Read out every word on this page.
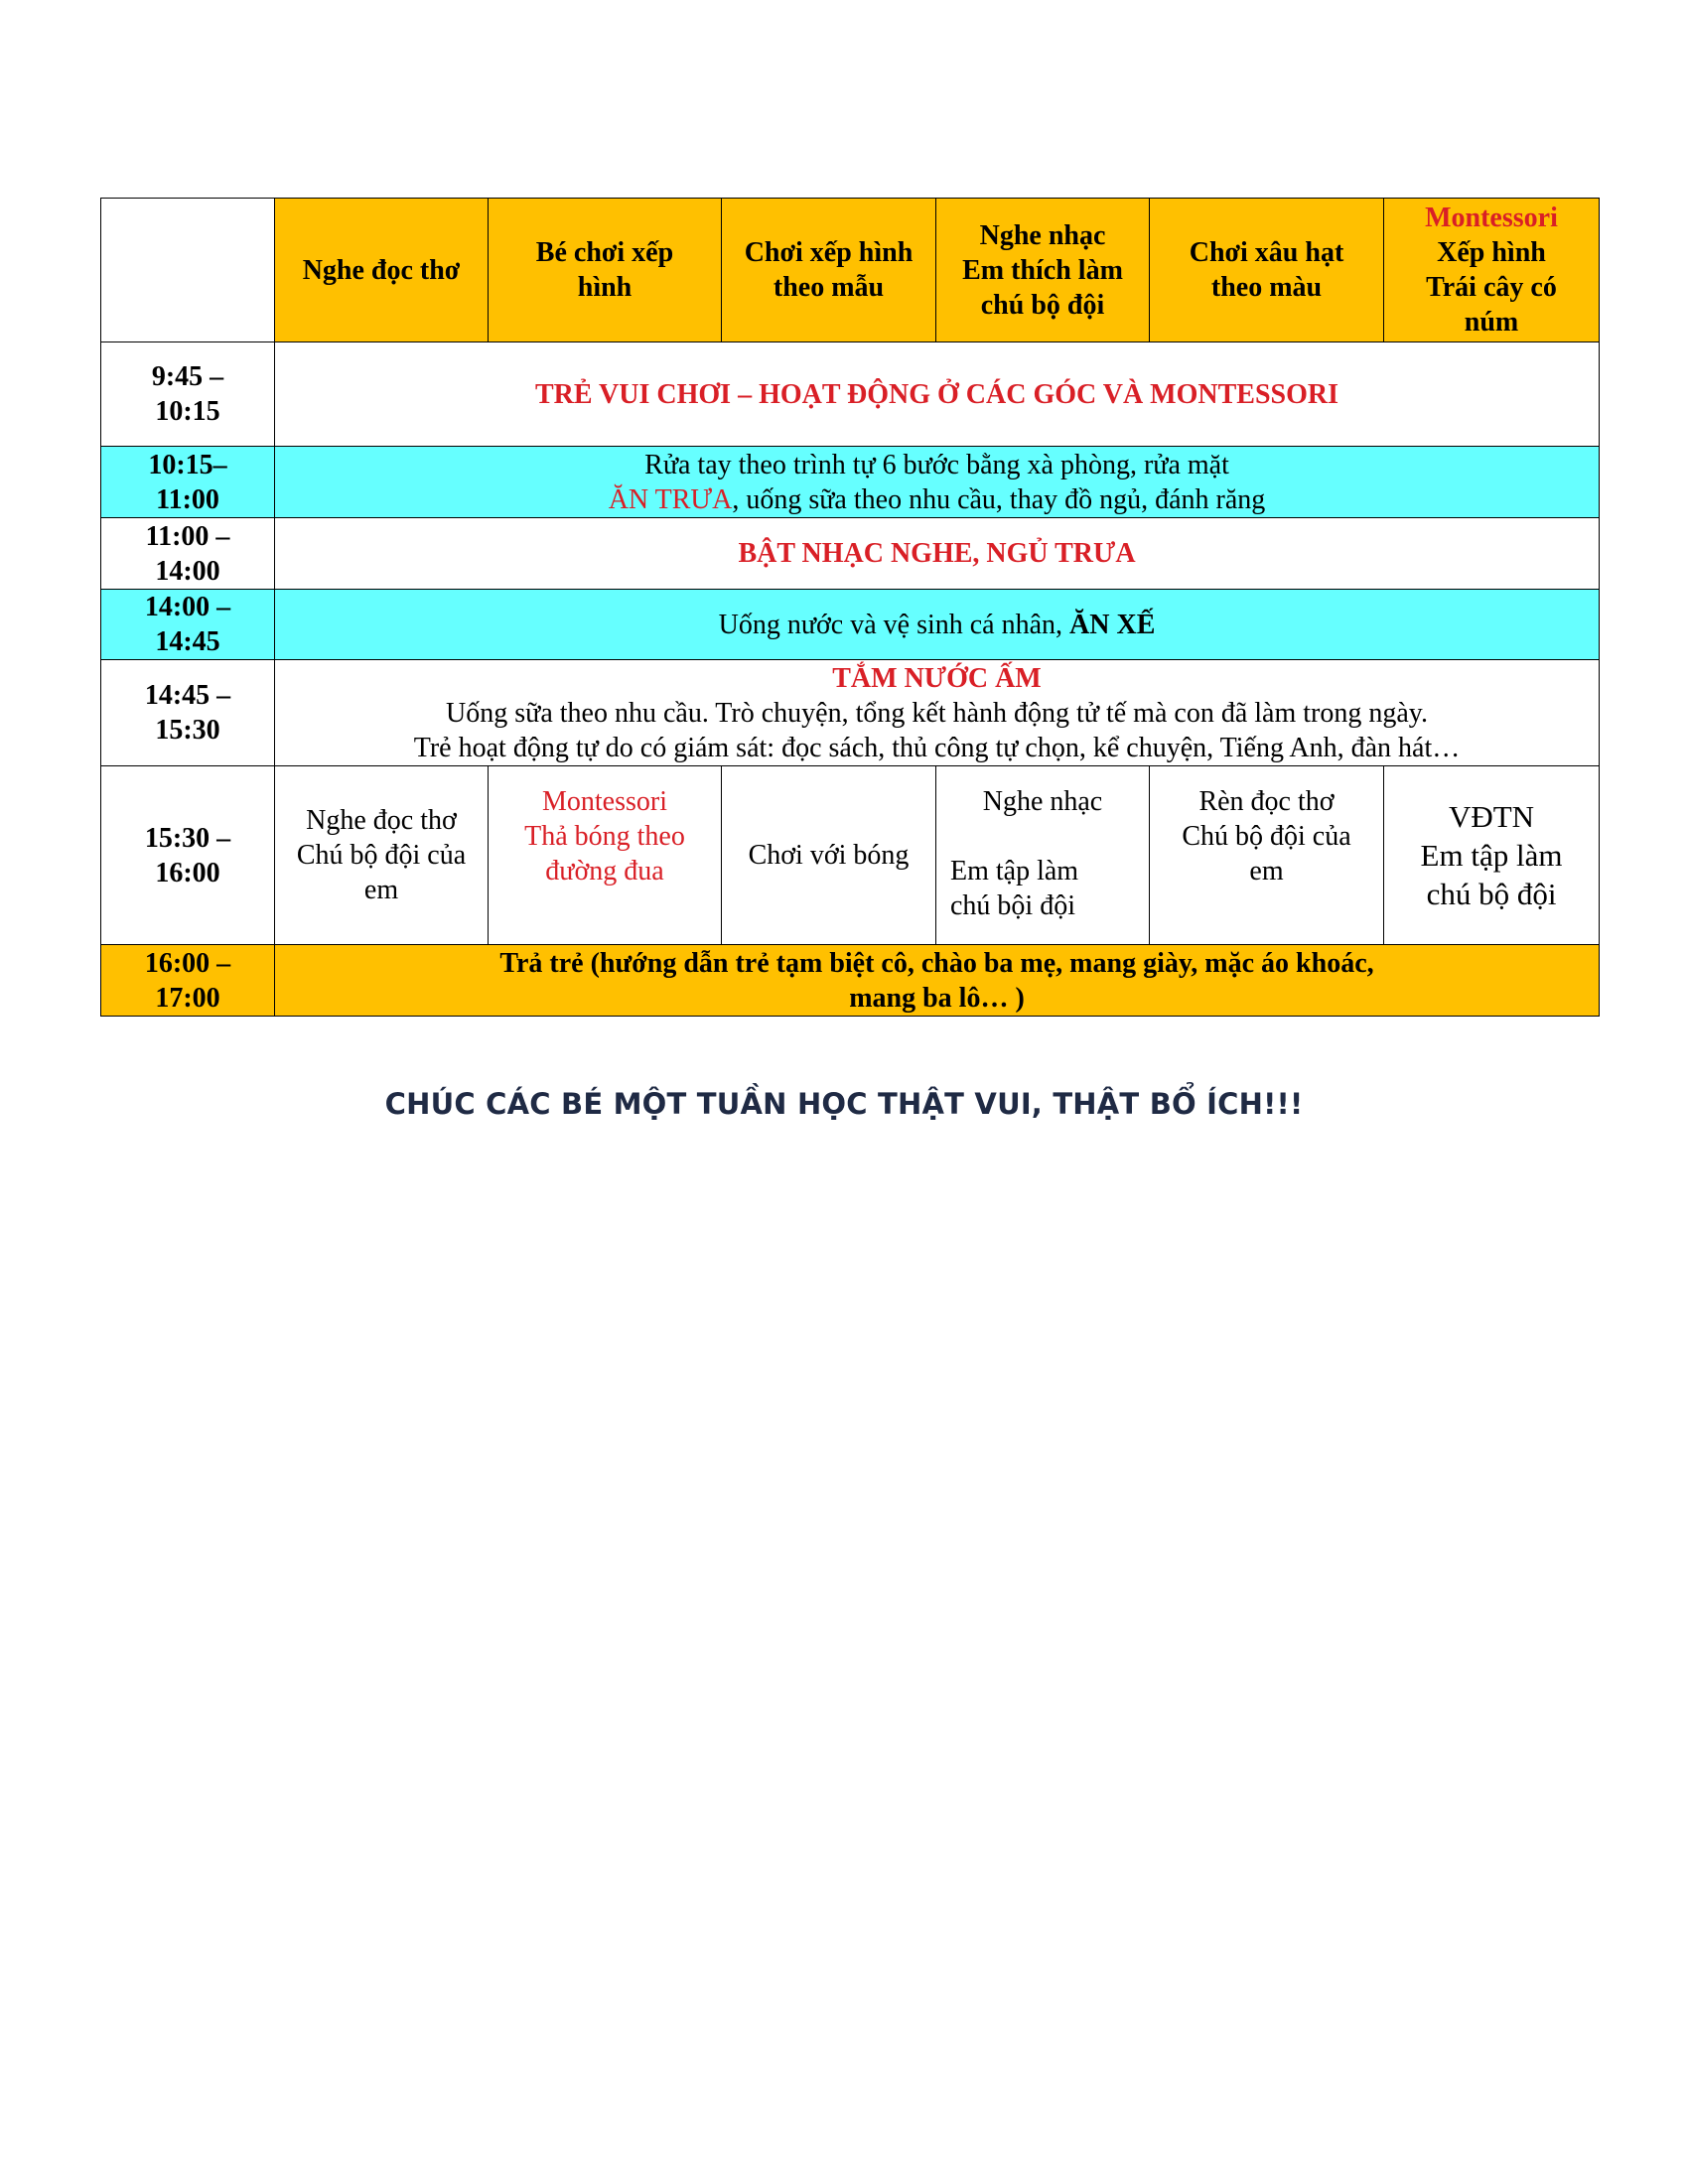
	Nghe đọc thơ	Bé chơi xếp
hình	Chơi xếp hình
theo mẫu	Nghe nhạc
Em thích làm
chú bộ đội	Chơi xâu hạt
theo màu	Montessori
Xếp hình
Trái cây có
núm

9:45 –
10:15	TRẺ VUI CHƠI – HOẠT ĐỘNG Ở CÁC GÓC VÀ MONTESSORI					

10:15–
11:00	Rửa tay theo trình tự 6 bước bằng xà phòng, rửa mặt
ĂN TRƯA, uống sữa theo nhu cầu, thay đồ ngủ, đánh răng					

11:00 –
14:00	BẬT NHẠC NGHE, NGỦ TRƯA					

14:00 –
14:45	Uống nước và vệ sinh cá nhân, ĂN XẾ					

14:45 –
15:30	TẮM NƯỚC ẤM
Uống sữa theo nhu cầu. Trò chuyện, tổng kết hành động tử tế mà con đã làm trong ngày.
Trẻ hoạt động tự do có giám sát: đọc sách, thủ công tự chọn, kể chuyện, Tiếng Anh, đàn hát…					

15:30 –
16:00	Nghe đọc thơ
Chú bộ đội của
em	Montessori
Thả bóng theo
đường đua	Chơi với bóng	Nghe nhạc
Em tập làm
chú bội đội	Rèn đọc thơ
Chú bộ đội của
em	VĐTN
Em tập làm
chú bộ đội

16:00 –
17:00	Trả trẻ (hướng dẫn trẻ tạm biệt cô, chào ba mẹ, mang giày, mặc áo khoác,
mang ba lô… )					
CHÚC CÁC BÉ MỘT TUẦN HỌC THẬT VUI, THẬT BỔ ÍCH!!!
